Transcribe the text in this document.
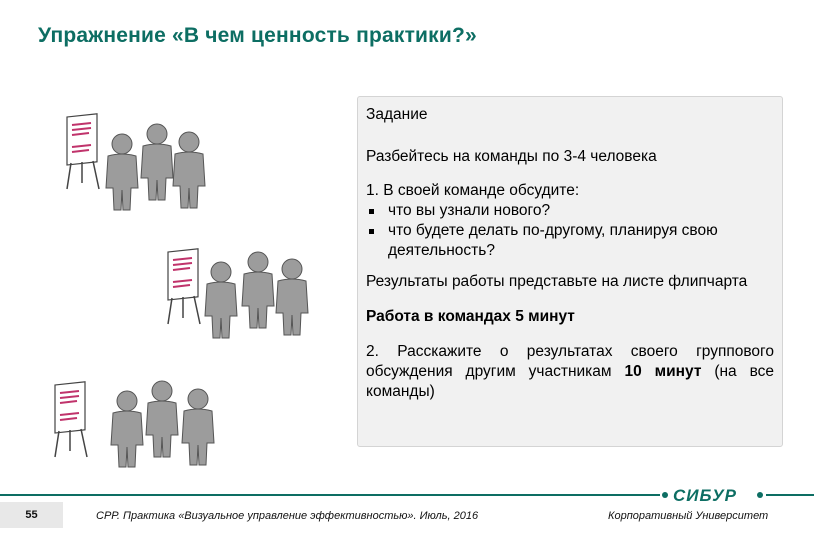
Упражнение «В чем ценность практики?»

Задание

Разбейтесь на команды по 3-4 человека

1. В своей команде обсудите:

что вы узнали нового?

что будете делать по-другому, планируя свою деятельность?

Результаты работы представьте на листе флипчарта

Работа в командах 5 минут

2. Расскажите о результатах своего группового обсуждения другим участникам 10 минут (на все команды)

СИБУР
55	СРР. Практика «Визуальное управление эффективностью». Июль, 2016	Корпоративный Университет
